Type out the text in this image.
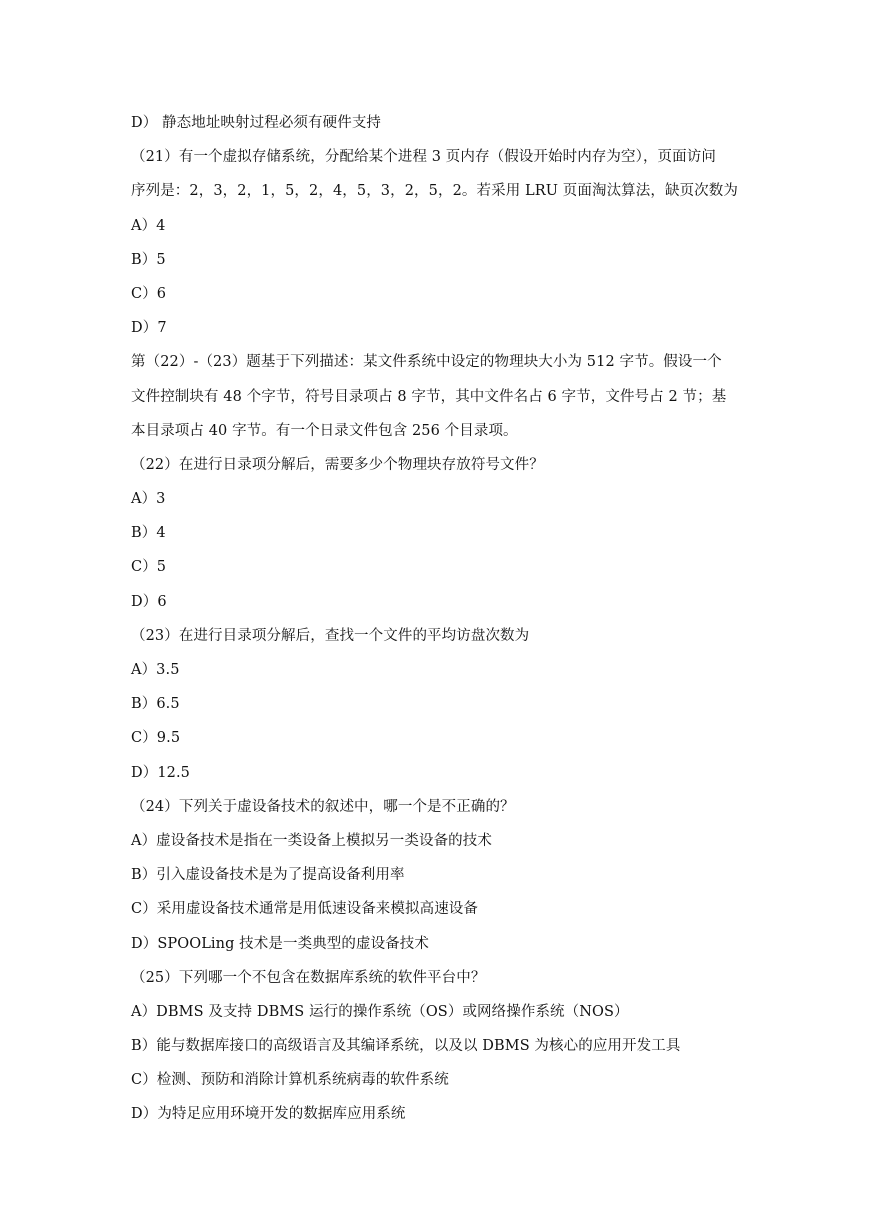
D） 静态地址映射过程必须有硬件支持
（21）有一个虚拟存储系统，分配给某个进程 3 页内存（假设开始时内存为空），页面访问
序列是：2，3，2，1，5，2，4，5，3，2，5，2。若采用 LRU 页面淘汰算法，缺页次数为
A）4
B）5
C）6
D）7
第（22）-（23）题基于下列描述：某文件系统中设定的物理块大小为 512 字节。假设一个
文件控制块有 48 个字节，符号目录项占 8 字节，其中文件名占 6 字节，文件号占 2 节；基
本目录项占 40 字节。有一个日录文件包含 256 个目录项。
（22）在进行日录项分解后，需要多少个物理块存放符号文件？
A）3
B）4
C）5
D）6
（23）在进行目录项分解后，查找一个文件的平均访盘次数为
A）3.5
B）6.5
C）9.5
D）12.5
（24）下列关于虚设备技术的叙述中，哪一个是不正确的？
A）虚设备技术是指在一类设备上模拟另一类设备的技术
B）引入虚设备技术是为了提高设备利用率
C）采用虚设备技术通常是用低速设备来模拟高速设备
D）SPOOLing 技术是一类典型的虚设备技术
（25）下列哪一个不包含在数据库系统的软件平台中？
A）DBMS 及支持 DBMS 运行的操作系统（OS）或网络操作系统（NOS）
B）能与数据库接口的高级语言及其编译系统，以及以 DBMS 为核心的应用开发工具
C）检测、预防和消除计算机系统病毒的软件系统
D）为特足应用环境开发的数据库应用系统
